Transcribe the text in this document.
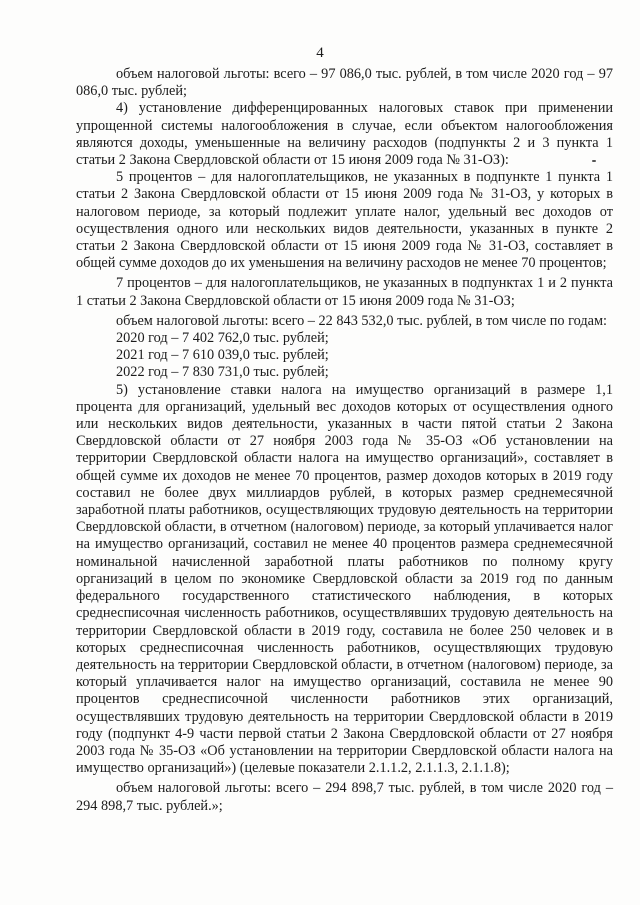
4

объем налоговой льготы: всего – 97 086,0 тыс. рублей, в том числе 2020 год – 97 086,0 тыс. рублей;

4) установление дифференцированных налоговых ставок при применении упрощенной системы налогообложения в случае, если объектом налогообложения являются доходы, уменьшенные на величину расходов (подпункты 2 и 3 пункта 1 статьи 2 Закона Свердловской области от 15 июня 2009 года № 31-ОЗ):

5 процентов – для налогоплательщиков, не указанных в подпункте 1 пункта 1 статьи 2 Закона Свердловской области от 15 июня 2009 года № 31-ОЗ, у которых в налоговом периоде, за который подлежит уплате налог, удельный вес доходов от осуществления одного или нескольких видов деятельности, указанных в пункте 2 статьи 2 Закона Свердловской области от 15 июня 2009 года № 31-ОЗ, составляет в общей сумме доходов до их уменьшения на величину расходов не менее 70 процентов;

7 процентов – для налогоплательщиков, не указанных в подпунктах 1 и 2 пункта 1 статьи 2 Закона Свердловской области от 15 июня 2009 года № 31-ОЗ;

объем налоговой льготы: всего – 22 843 532,0 тыс. рублей, в том числе по годам:

2020 год – 7 402 762,0 тыс. рублей;
2021 год – 7 610 039,0 тыс. рублей;
2022 год – 7 830 731,0 тыс. рублей;

5) установление ставки налога на имущество организаций в размере 1,1 процента для организаций, удельный вес доходов которых от осуществления одного или нескольких видов деятельности, указанных в части пятой статьи 2 Закона Свердловской области от 27 ноября 2003 года № 35-ОЗ «Об установлении на территории Свердловской области налога на имущество организаций», составляет в общей сумме их доходов не менее 70 процентов, размер доходов которых в 2019 году составил не более двух миллиардов рублей, в которых размер среднемесячной заработной платы работников, осуществляющих трудовую деятельность на территории Свердловской области, в отчетном (налоговом) периоде, за который уплачивается налог на имущество организаций, составил не менее 40 процентов размера среднемесячной номинальной начисленной заработной платы работников по полному кругу организаций в целом по экономике Свердловской области за 2019 год по данным федерального государственного статистического наблюдения, в которых среднесписочная численность работников, осуществлявших трудовую деятельность на территории Свердловской области в 2019 году, составила не более 250 человек и в которых среднесписочная численность работников, осуществляющих трудовую деятельность на территории Свердловской области, в отчетном (налоговом) периоде, за который уплачивается налог на имущество организаций, составила не менее 90 процентов среднесписочной численности работников этих организаций, осуществлявших трудовую деятельность на территории Свердловской области в 2019 году (подпункт 4-9 части первой статьи 2 Закона Свердловской области от 27 ноября 2003 года № 35-ОЗ «Об установлении на территории Свердловской области налога на имущество организаций») (целевые показатели 2.1.1.2, 2.1.1.3, 2.1.1.8);

объем налоговой льготы: всего – 294 898,7 тыс. рублей, в том числе 2020 год – 294 898,7 тыс. рублей.»;
